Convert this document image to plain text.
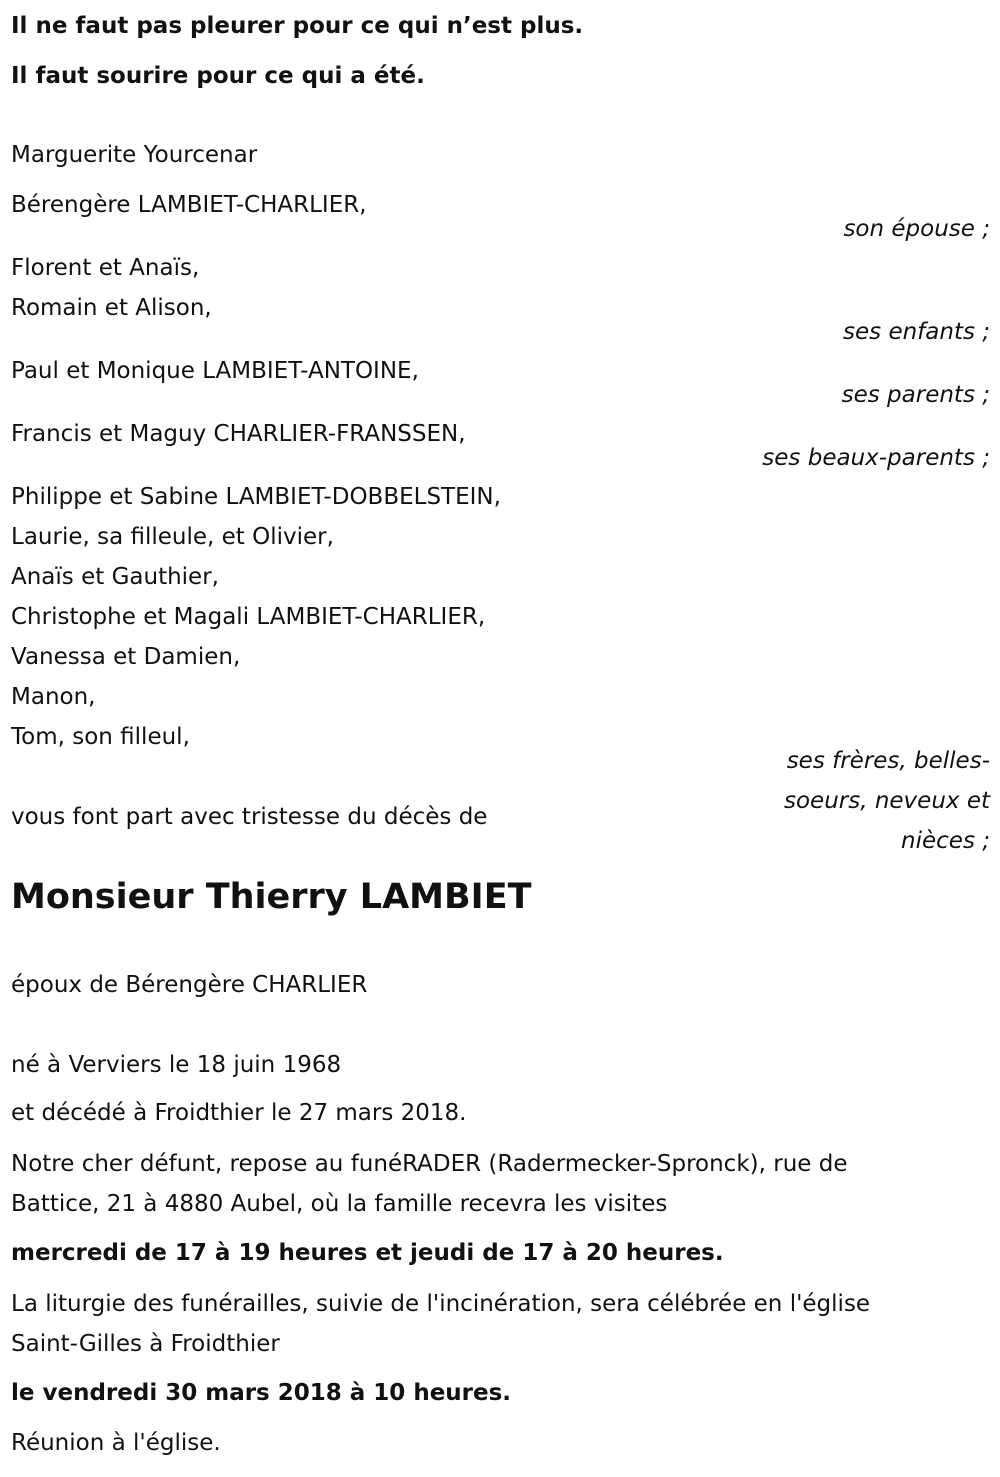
Il ne faut pas pleurer pour ce qui n’est plus.
Il faut sourire pour ce qui a été.
Marguerite Yourcenar
Bérengère LAMBIET-CHARLIER,
son épouse ;
Florent et Anaïs,
Romain et Alison,
ses enfants ;
Paul et Monique LAMBIET-ANTOINE,
ses parents ;
Francis et Maguy CHARLIER-FRANSSEN,
ses beaux-parents ;
Philippe et Sabine LAMBIET-DOBBELSTEIN,
Laurie, sa filleule, et Olivier,
Anaïs et Gauthier,
Christophe et Magali LAMBIET-CHARLIER,
Vanessa et Damien,
Manon,
Tom, son filleul,
ses frères, belles-
soeurs, neveux et
nièces ;
vous font part avec tristesse du décès de
Monsieur Thierry LAMBIET
époux de Bérengère CHARLIER
né à Verviers le 18 juin 1968
et décédé à Froidthier le 27 mars 2018.
Notre cher défunt, repose au funéRADER (Radermecker-Spronck), rue de
Battice, 21 à 4880 Aubel, où la famille recevra les visites
mercredi de 17 à 19 heures et jeudi de 17 à 20 heures.
La liturgie des funérailles, suivie de l'incinération, sera célébrée en l'église
Saint-Gilles à Froidthier
le vendredi 30 mars 2018 à 10 heures.
Réunion à l'église.
